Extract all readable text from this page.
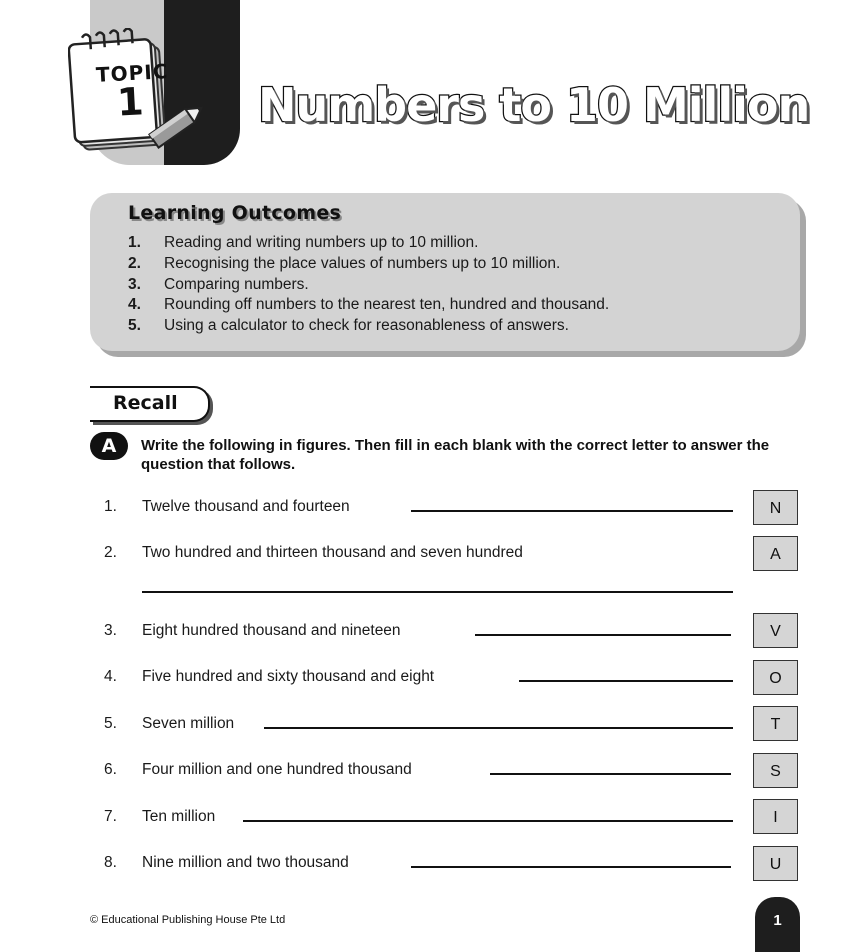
TOPIC
1 Numbers to 10 Million
Learning Outcomes
1. Reading and writing numbers up to 10 million.
2. Recognising the place values of numbers up to 10 million.
3. Comparing numbers.
4. Rounding off numbers to the nearest ten, hundred and thousand.
5. Using a calculator to check for reasonableness of answers.
Recall
A	Write the following in figures. Then fill in each blank with the correct letter to answer the question that follows.
1. Twelve thousand and fourteen	N
2. Two hundred and thirteen thousand and seven hundred	A
3. Eight hundred thousand and nineteen	V
4. Five hundred and sixty thousand and eight	O
5. Seven million	T
6. Four million and one hundred thousand	S
7. Ten million	I
8. Nine million and two thousand	U
© Educational Publishing House Pte Ltd	1
